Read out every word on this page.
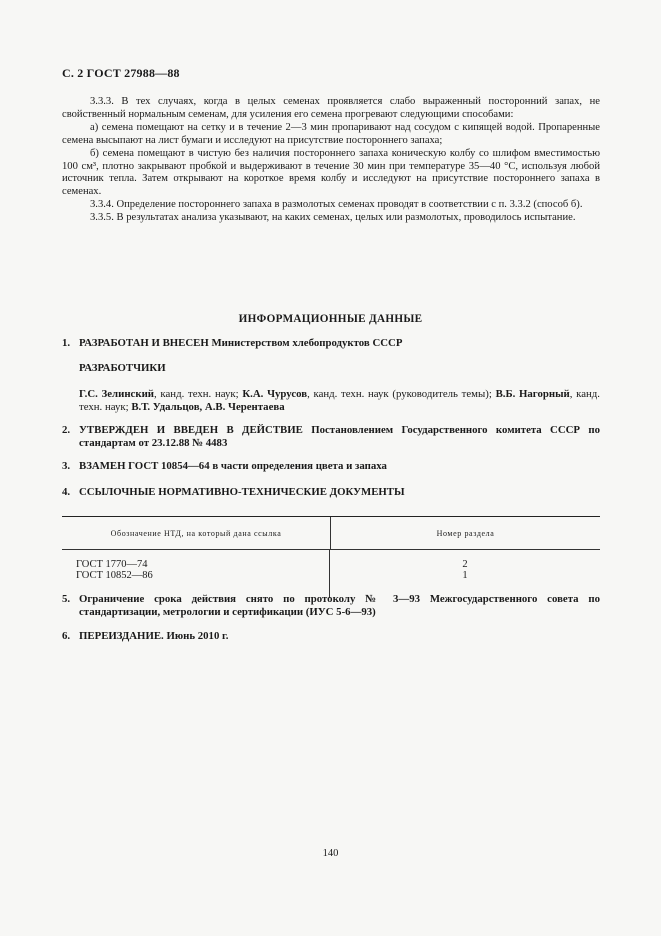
С. 2 ГОСТ 27988—88

3.3.3. В тех случаях, когда в целых семенах проявляется слабо выраженный посторонний запах, не свойственный нормальным семенам, для усиления его семена прогревают следующими способами:

а) семена помещают на сетку и в течение 2—3 мин пропаривают над сосудом с кипящей водой. Пропаренные семена высыпают на лист бумаги и исследуют на присутствие постороннего запаха;

б) семена помещают в чистую без наличия постороннего запаха коническую колбу со шлифом вместимостью 100 см³, плотно закрывают пробкой и выдерживают в течение 30 мин при температуре 35—40 °С, используя любой источник тепла. Затем открывают на короткое время колбу и исследуют на присутствие постороннего запаха в семенах.

3.3.4. Определение постороннего запаха в размолотых семенах проводят в соответствии с п. 3.3.2 (способ б).

3.3.5. В результатах анализа указывают, на каких семенах, целых или размолотых, проводилось испытание.

ИНФОРМАЦИОННЫЕ ДАННЫЕ
1. РАЗРАБОТАН И ВНЕСЕН Министерством хлебопродуктов СССР
РАЗРАБОТЧИКИ
Г.С. Зелинский, канд. техн. наук; К.А. Чурусов, канд. техн. наук (руководитель темы); В.Б. Нагорный, канд. техн. наук; В.Т. Удальцов, А.В. Черентаева
2. УТВЕРЖДЕН И ВВЕДЕН В ДЕЙСТВИЕ Постановлением Государственного комитета СССР по стандартам от 23.12.88 № 4483
3. ВЗАМЕН ГОСТ 10854—64 в части определения цвета и запаха
4. ССЫЛОЧНЫЕ НОРМАТИВНО-ТЕХНИЧЕСКИЕ ДОКУМЕНТЫ
Обозначение НТД, на который дана ссылка	Номер раздела
ГОСТ 1770—74
ГОСТ 10852—86
2
1
5. Ограничение срока действия снято по протоколу № 3—93 Межгосударственного совета по стандартизации, метрологии и сертификации (ИУС 5-6—93)
6. ПЕРЕИЗДАНИЕ. Июнь 2010 г.
140
